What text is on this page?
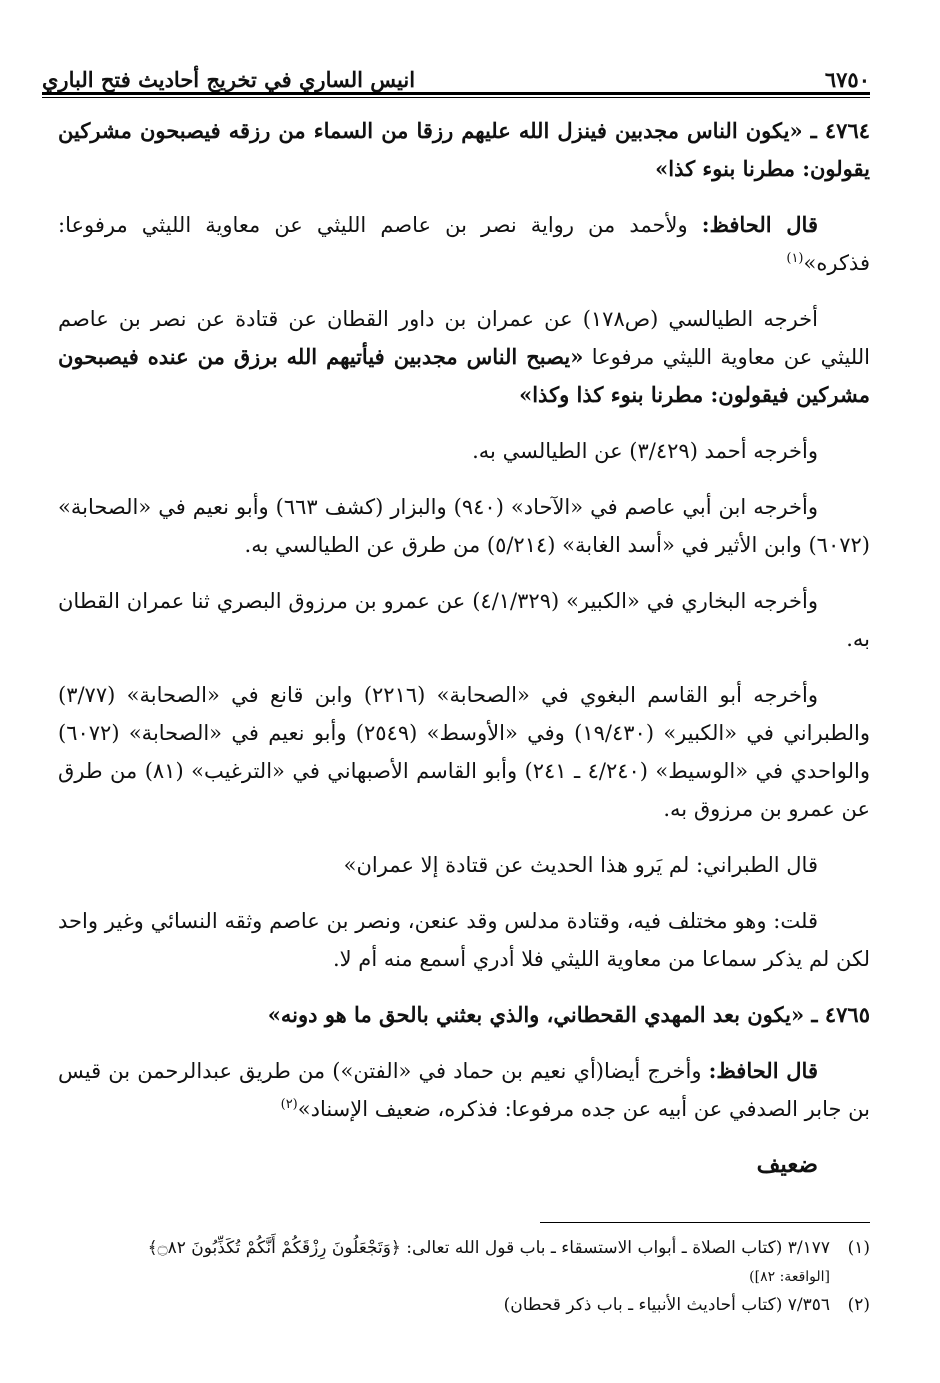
٦٧٥٠
انيس الساري في تخريج أحاديث فتح الباري

٤٧٦٤ ـ «يكون الناس مجدبين فينزل الله عليهم رزقا من السماء من رزقه فيصبحون مشركين يقولون: مطرنا بنوء كذا»

قال الحافظ: ولأحمد من رواية نصر بن عاصم الليثي عن معاوية الليثي مرفوعا: فذكره»$^{(١)}$

أخرجه الطيالسي (ص١٧٨) عن عمران بن داور القطان عن قتادة عن نصر بن عاصم الليثي عن معاوية الليثي مرفوعا «يصبح الناس مجدبين فيأتيهم الله برزق من عنده فيصبحون مشركين فيقولون: مطرنا بنوء كذا وكذا»

وأخرجه أحمد (٣/٤٢٩) عن الطيالسي به.

وأخرجه ابن أبي عاصم في «الآحاد» (٩٤٠) والبزار (كشف ٦٦٣) وأبو نعيم في «الصحابة» (٦٠٧٢) وابن الأثير في «أسد الغابة» (٥/٢١٤) من طرق عن الطيالسي به.

وأخرجه البخاري في «الكبير» (٤/١/٣٢٩) عن عمرو بن مرزوق البصري ثنا عمران القطان به.

وأخرجه أبو القاسم البغوي في «الصحابة» (٢٢١٦) وابن قانع في «الصحابة» (٣/٧٧) والطبراني في «الكبير» (١٩/٤٣٠) وفي «الأوسط» (٢٥٤٩) وأبو نعيم في «الصحابة» (٦٠٧٢) والواحدي في «الوسيط» (٤/٢٤٠ ـ ٢٤١) وأبو القاسم الأصبهاني في «الترغيب» (٨١) من طرق عن عمرو بن مرزوق به.

قال الطبراني: لم يَرو هذا الحديث عن قتادة إلا عمران»

قلت: وهو مختلف فيه، وقتادة مدلس وقد عنعن، ونصر بن عاصم وثقه النسائي وغير واحد لكن لم يذكر سماعا من معاوية الليثي فلا أدري أسمع منه أم لا.

٤٧٦٥ ـ «يكون بعد المهدي القحطاني، والذي بعثني بالحق ما هو دونه»

قال الحافظ: وأخرج أيضا(أي نعيم بن حماد في «الفتن») من طريق عبدالرحمن بن قيس بن جابر الصدفي عن أبيه عن جده مرفوعا: فذكره، ضعيف الإسناد»$^{(٢)}$

ضعيف

(١)
٣/١٧٧ (كتاب الصلاة ـ أبواب الاستسقاء ـ باب قول الله تعالى: ﴿وَتَجْعَلُونَ رِزْقَكُمْ أَنَّكُمْ تُكَذِّبُونَ ۝٨٢﴾
[الواقعة: ٨٢])
(٢)
٧/٣٥٦ (كتاب أحاديث الأنبياء ـ باب ذكر قحطان)
